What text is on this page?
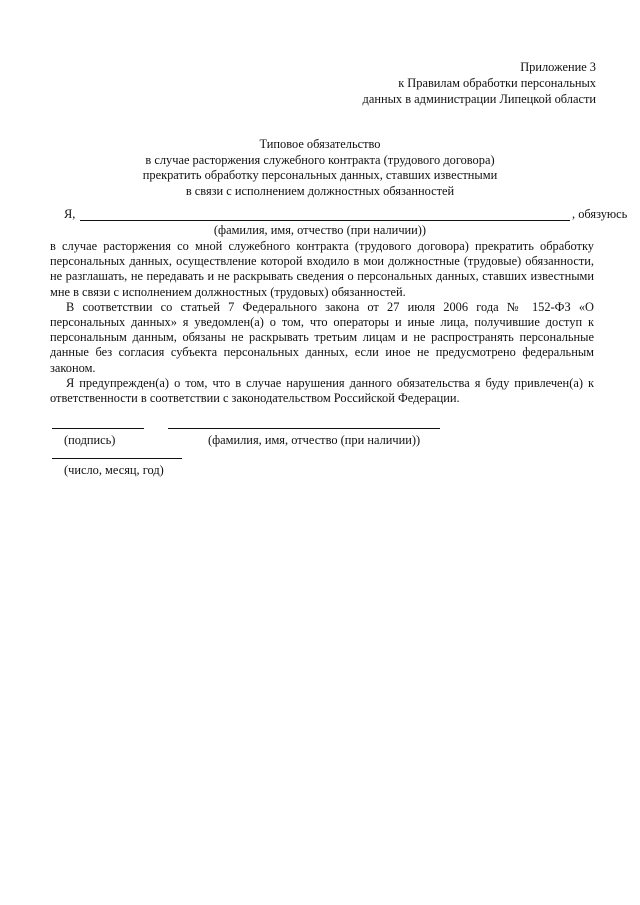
Приложение 3
к Правилам обработки персональных
данных в администрации Липецкой области
Типовое обязательство
в случае расторжения служебного контракта (трудового договора)
прекратить обработку персональных данных, ставших известными
в связи с исполнением должностных обязанностей
Я,	, обязуюсь
(фамилия, имя, отчество (при наличии))

в случае расторжения со мной служебного контракта (трудового договора) прекратить обработку персональных данных, осуществление которой входило в мои должностные (трудовые) обязанности, не разглашать, не передавать и не раскрывать сведения о персональных данных, ставших известными мне в связи с исполнением должностных (трудовых) обязанностей.

В соответствии со статьей 7 Федерального закона от 27 июля 2006 года № 152-ФЗ «О персональных данных» я уведомлен(а) о том, что операторы и иные лица, получившие доступ к персональным данным, обязаны не раскрывать третьим лицам и не распространять персональные данные без согласия субъекта персональных данных, если иное не предусмотрено федеральным законом.

Я предупрежден(а) о том, что в случае нарушения данного обязательства я буду привлечен(а) к ответственности в соответствии с законодательством Российской Федерации.

(подпись)	(фамилия, имя, отчество (при наличии))
(число, месяц, год)
